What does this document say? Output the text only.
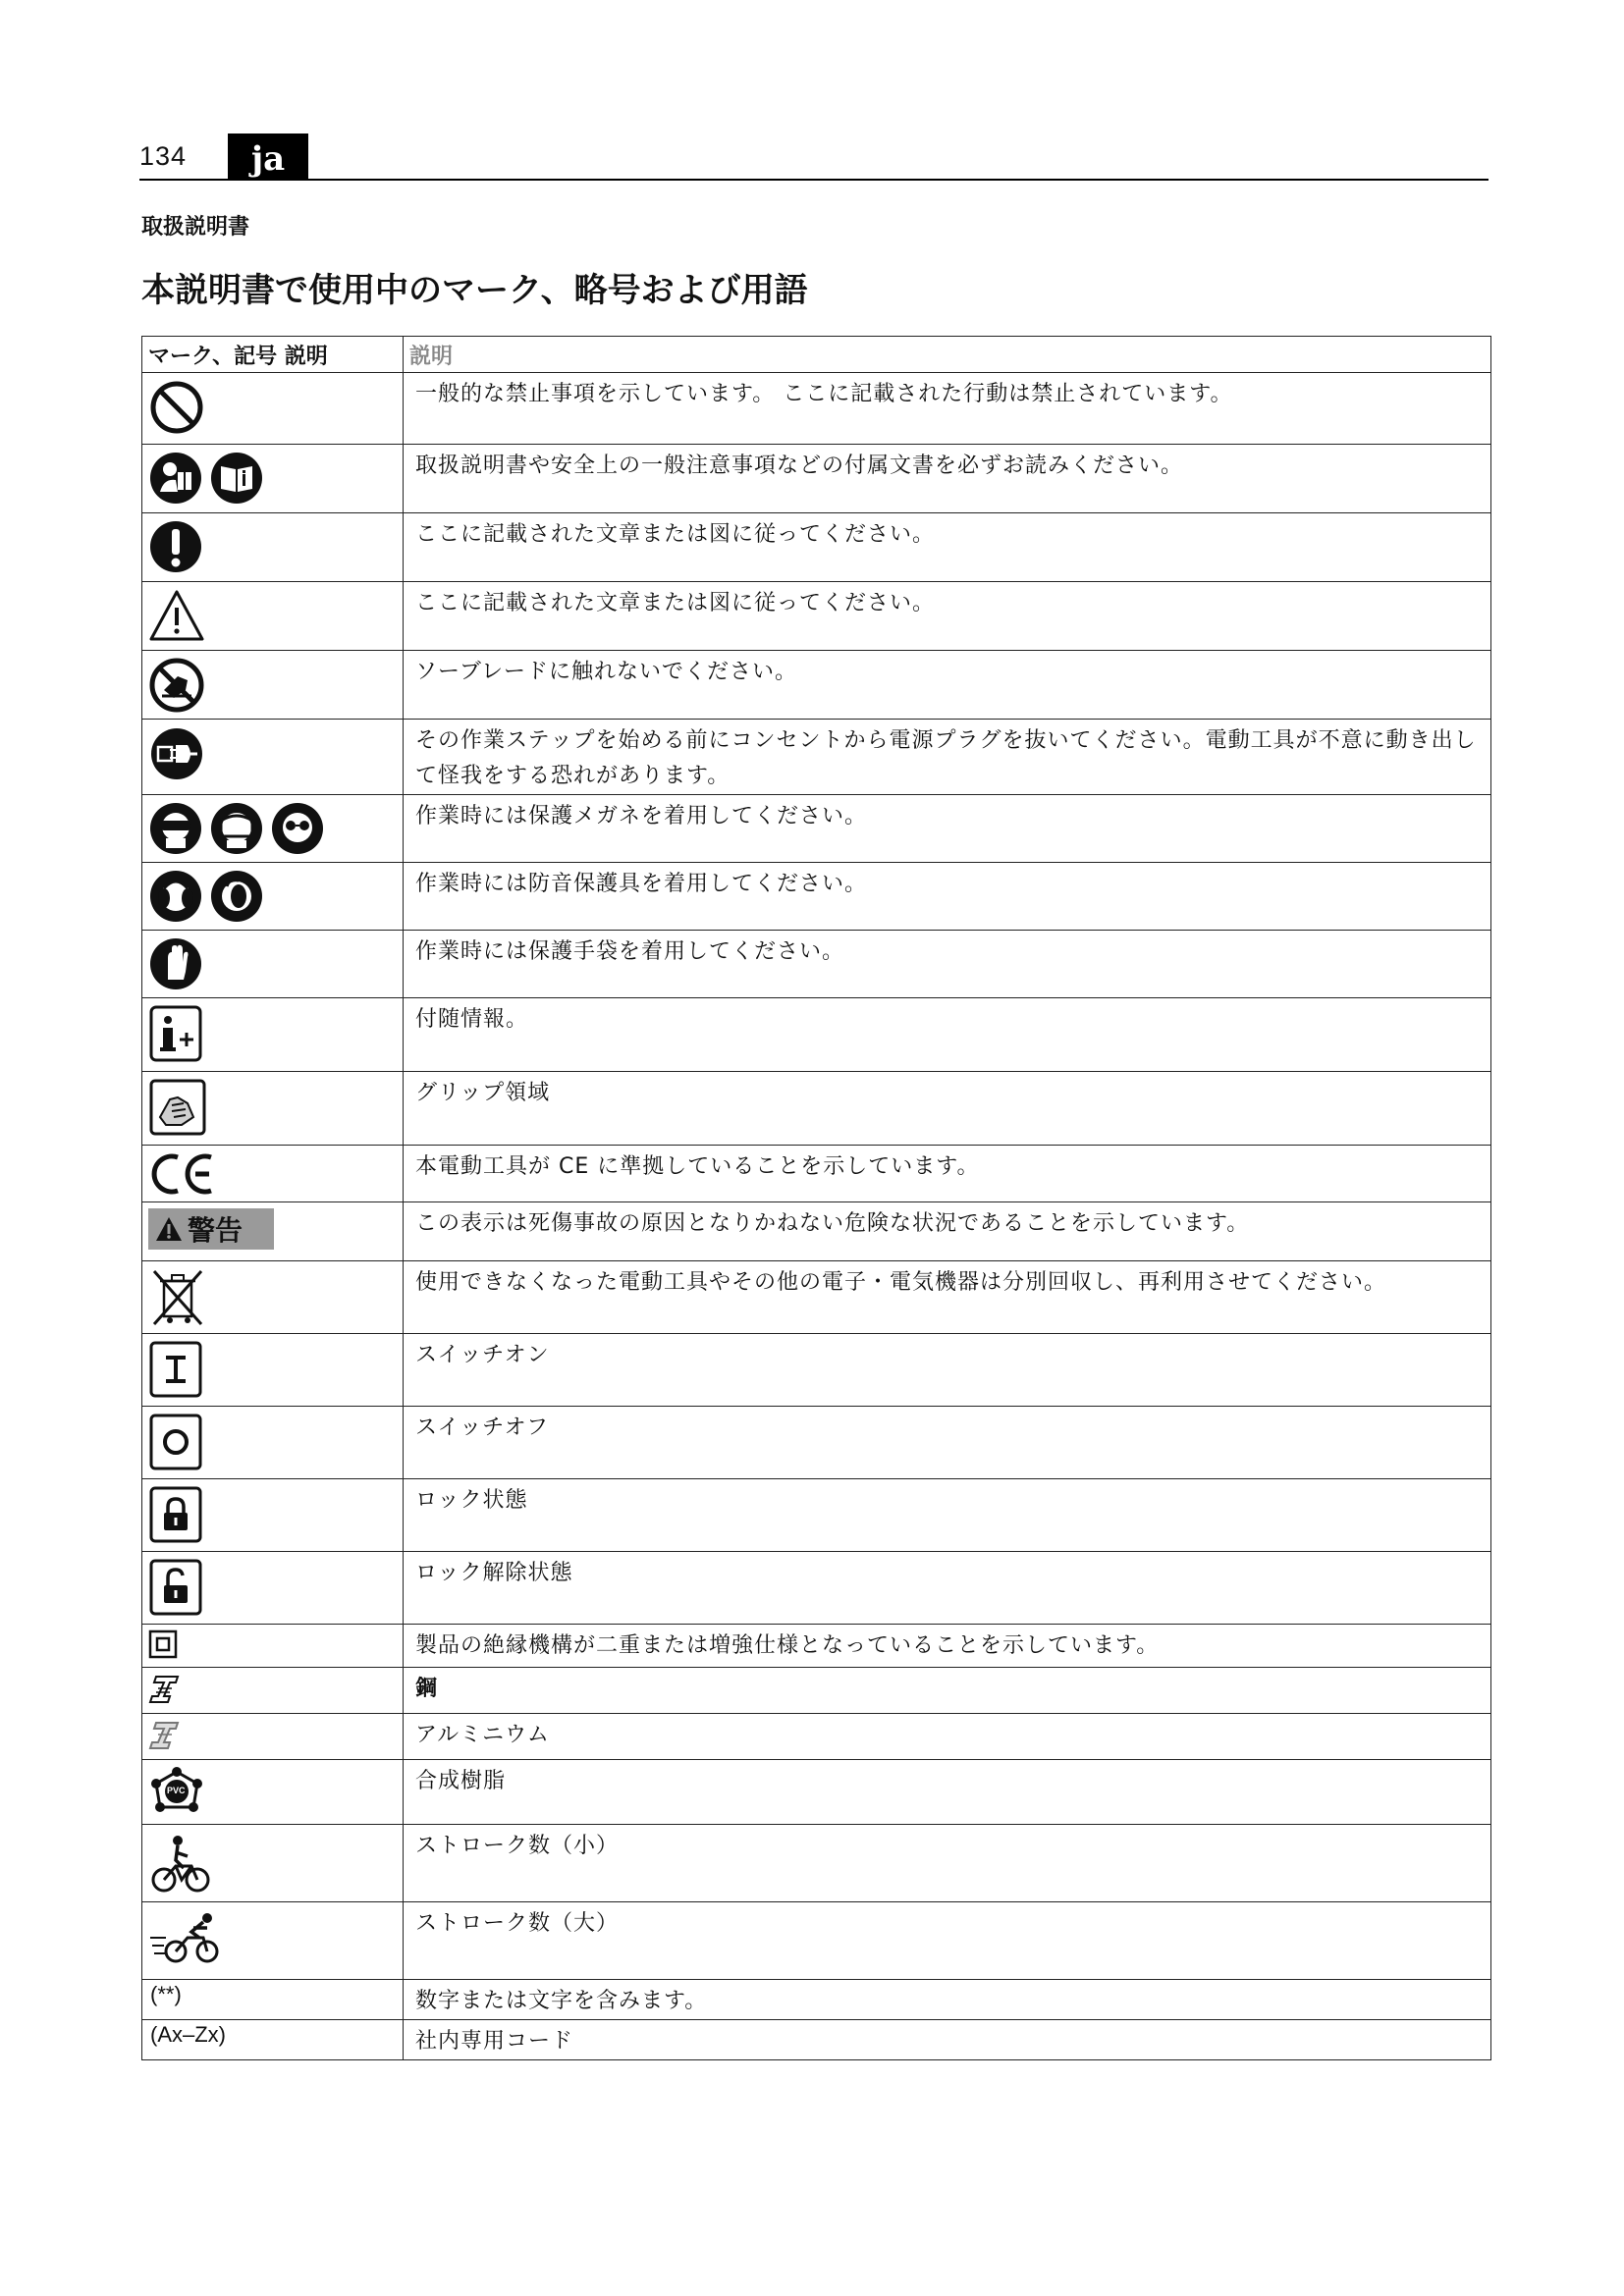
134	ja
取扱説明書
本説明書で使用中のマーク、略号および用語
マーク、記号 説明	説明

	一般的な禁止事項を示しています。 ここに記載された行動は禁止されています。

	取扱説明書や安全上の一般注意事項などの付属文書を必ずお読みください。

	ここに記載された文章または図に従ってください。

	ここに記載された文章または図に従ってください。

	ソーブレードに触れないでください。

	その作業ステップを始める前にコンセントから電源プラグを抜いてください。電動工具が不意に動き出して怪我をする恐れがあります。

	作業時には保護メガネを着用してください。

	作業時には防音保護具を着用してください。

	作業時には保護手袋を着用してください。

	付随情報。

	グリップ領域

	本電動工具が CE に準拠していることを示しています。

警告	この表示は死傷事故の原因となりかねない危険な状況であることを示しています。

	使用できなくなった電動工具やその他の電子・電気機器は分別回収し、再利用させてください。

	スイッチオン

	スイッチオフ

	ロック状態

	ロック解除状態

	製品の絶縁機構が二重または増強仕様となっていることを示しています。

	鋼

	アルミニウム

PVC	合成樹脂

	ストローク数（小）

	ストローク数（大）
(**)	数字または文字を含みます。
(Ax–Zx)	社内専用コード
